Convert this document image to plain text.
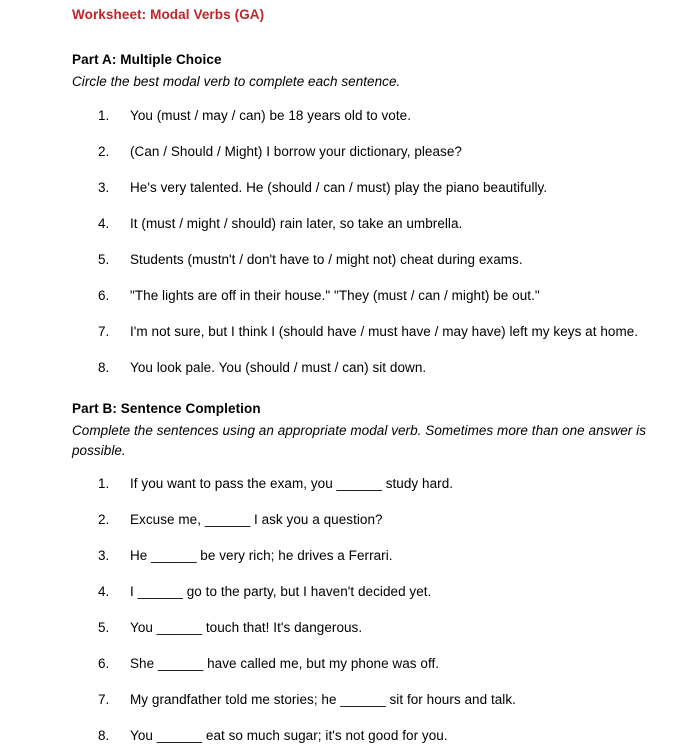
Worksheet: Modal Verbs (GA)
Part A: Multiple Choice
Circle the best modal verb to complete each sentence.
1.	You (must / may / can) be 18 years old to vote.
2.	(Can / Should / Might) I borrow your dictionary, please?
3.	He's very talented. He (should / can / must) play the piano beautifully.
4.	It (must / might / should) rain later, so take an umbrella.
5.	Students (mustn't / don't have to / might not) cheat during exams.
6.	"The lights are off in their house." "They (must / can / might) be out."
7.	I'm not sure, but I think I (should have / must have / may have) left my keys at home.
8.	You look pale. You (should / must / can) sit down.
Part B: Sentence Completion
Complete the sentences using an appropriate modal verb. Sometimes more than one answer is possible.
1.	If you want to pass the exam, you ______ study hard.
2.	Excuse me, ______ I ask you a question?
3.	He ______ be very rich; he drives a Ferrari.
4.	I ______ go to the party, but I haven't decided yet.
5.	You ______ touch that! It's dangerous.
6.	She ______ have called me, but my phone was off.
7.	My grandfather told me stories; he ______ sit for hours and talk.
8.	You ______ eat so much sugar; it's not good for you.
